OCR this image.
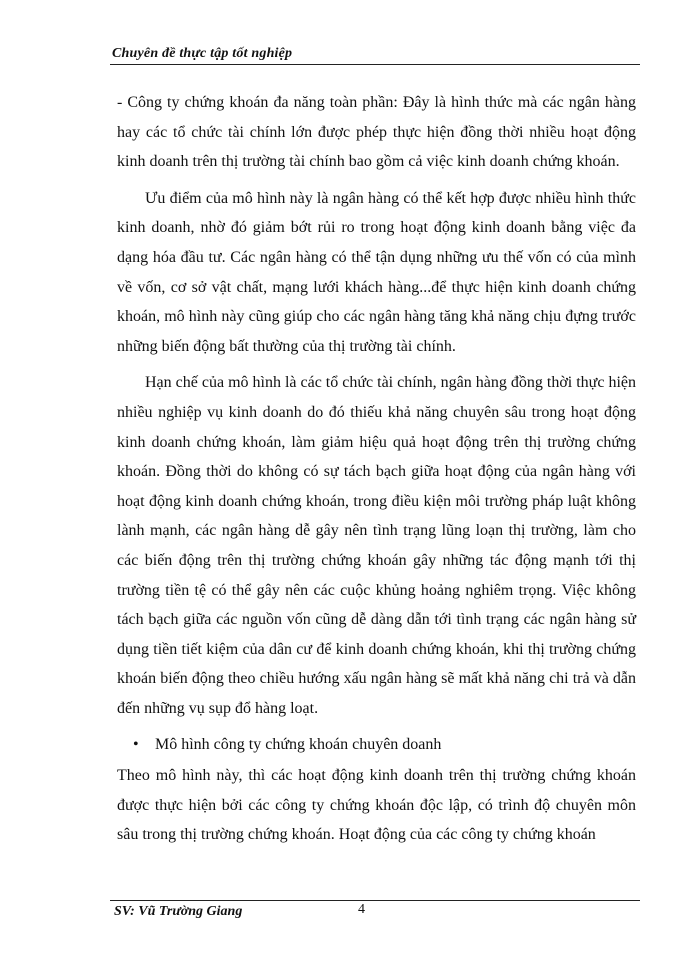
Chuyên đề thực tập tốt nghiệp

- Công ty chứng khoán đa năng toàn phần: Đây là hình thức mà các ngân hàng hay các tổ chức tài chính lớn được phép thực hiện đồng thời nhiều hoạt động kinh doanh trên thị trường tài chính bao gồm cả việc kinh doanh chứng khoán.

Ưu điểm của mô hình này là ngân hàng có thể kết hợp được nhiều hình thức kinh doanh, nhờ đó giảm bớt rủi ro trong hoạt động kinh doanh bằng việc đa dạng hóa đầu tư. Các ngân hàng có thể tận dụng những ưu thế vốn có của mình về vốn, cơ sở vật chất, mạng lưới khách hàng...để thực hiện kinh doanh chứng khoán, mô hình này cũng giúp cho các ngân hàng tăng khả năng chịu đựng trước những biến động bất thường của thị trường tài chính.

Hạn chế của mô hình là các tổ chức tài chính, ngân hàng đồng thời thực hiện nhiều nghiệp vụ kinh doanh do đó thiếu khả năng chuyên sâu trong hoạt động kinh doanh chứng khoán, làm giảm hiệu quả hoạt động trên thị trường chứng khoán. Đồng thời do không có sự tách bạch giữa hoạt động của ngân hàng với hoạt động kinh doanh chứng khoán, trong điều kiện môi trường pháp luật không lành mạnh, các ngân hàng dễ gây nên tình trạng lũng loạn thị trường, làm cho các biến động trên thị trường chứng khoán gây những tác động mạnh tới thị trường tiền tệ có thể gây nên các cuộc khủng hoảng nghiêm trọng. Việc không tách bạch giữa các nguồn vốn cũng dễ dàng dẫn tới tình trạng các ngân hàng sử dụng tiền tiết kiệm của dân cư để kinh doanh chứng khoán, khi thị trường chứng khoán biến động theo chiều hướng xấu ngân hàng sẽ mất khả năng chi trả và dẫn đến những vụ sụp đổ hàng loạt.

• Mô hình công ty chứng khoán chuyên doanh

Theo mô hình này, thì các hoạt động kinh doanh trên thị trường chứng khoán được thực hiện bởi các công ty chứng khoán độc lập, có trình độ chuyên môn sâu trong thị trường chứng khoán. Hoạt động của các công ty chứng khoán

SV: Vũ Trường Giang	4
